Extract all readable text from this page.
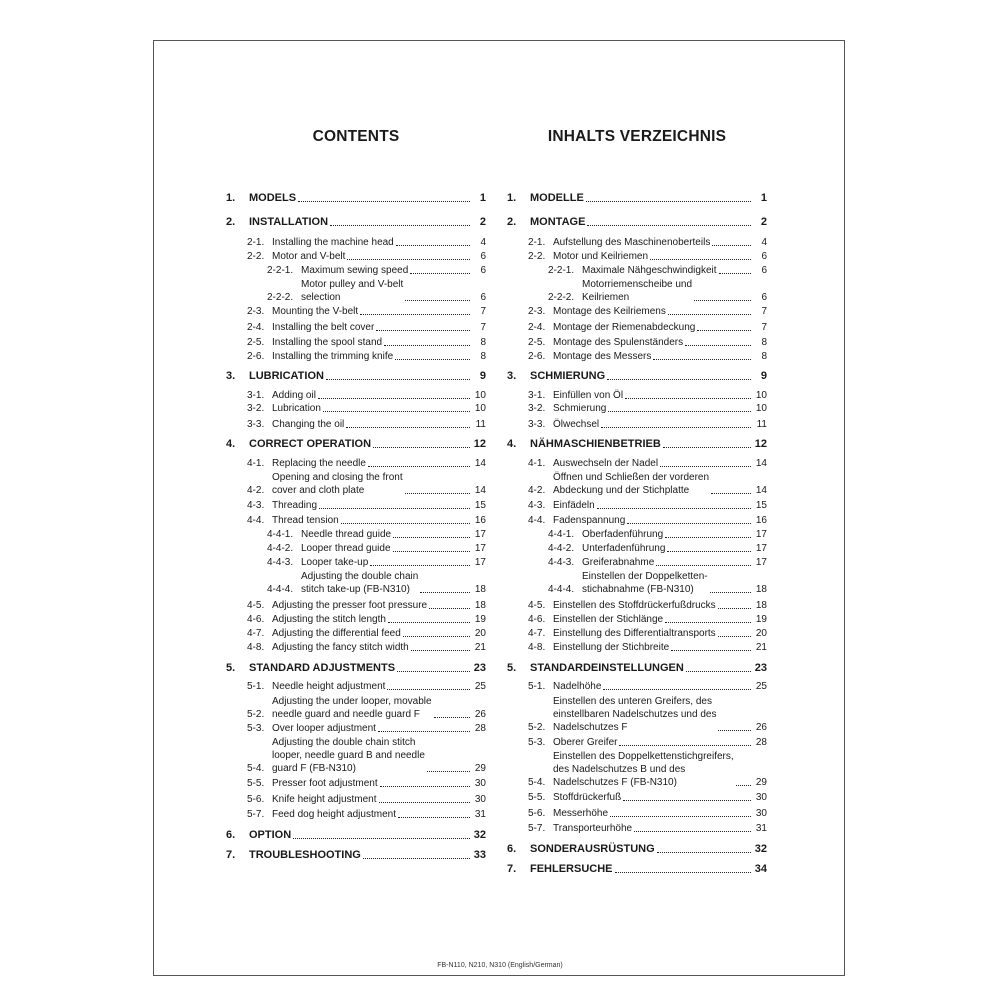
CONTENTS
1.	MODELS	1
2.	INSTALLATION	2
2-1. Installing the machine head	4
2-2. Motor and V-belt	6
2-2-1. Maximum sewing speed	6
2-2-2.
Motor pulley and V-belt
selection	6
2-3. Mounting the V-belt	7
2-4. Installing the belt cover	7
2-5. Installing the spool stand	8
2-6. Installing the trimming knife	8
3.	LUBRICATION	9
3-1. Adding oil	10
3-2. Lubrication	10
3-3. Changing the oil	11
4.	CORRECT OPERATION	12
4-1. Replacing the needle	14
4-2.
Opening and closing the front
cover and cloth plate	14
4-3. Threading	15
4-4. Thread tension	16
4-4-1. Needle thread guide	17
4-4-2. Looper thread guide	17
4-4-3. Looper take-up	17
4-4-4.
Adjusting the double chain
stitch take-up (FB-N310)	18
4-5. Adjusting the presser foot pressure	18
4-6. Adjusting the stitch length	19
4-7. Adjusting the differential feed	20
4-8. Adjusting the fancy stitch width	21
5.	STANDARD ADJUSTMENTS	23
5-1. Needle height adjustment	25
5-2.
Adjusting the under looper, movable
needle guard and needle guard F	26
5-3. Over looper adjustment	28
5-4.
Adjusting the double chain stitch
looper, needle guard B and needle
guard F (FB-N310)	29
5-5. Presser foot adjustment	30
5-6. Knife height adjustment	30
5-7. Feed dog height adjustment	31
6.	OPTION	32
7.	TROUBLESHOOTING	33
INHALTS VERZEICHNIS
1.	MODELLE	1
2.	MONTAGE	2
2-1. Aufstellung des Maschinenoberteils	4
2-2. Motor und Keilriemen	6
2-2-1. Maximale Nähgeschwindigkeit	6
2-2-2.
Motorriemenscheibe und
Keilriemen	6
2-3. Montage des Keilriemens	7
2-4. Montage der Riemenabdeckung	7
2-5. Montage des Spulenständers	8
2-6. Montage des Messers	8
3.	SCHMIERUNG	9
3-1. Einfüllen von Öl	10
3-2. Schmierung	10
3-3. Ölwechsel	11
4.	NÄHMASCHIENBETRIEB	12
4-1. Auswechseln der Nadel	14
4-2.
Öffnen und Schließen der vorderen
Abdeckung und der Stichplatte	14
4-3. Einfädeln	15
4-4. Fadenspannung	16
4-4-1. Oberfadenführung	17
4-4-2. Unterfadenführung	17
4-4-3. Greiferabnahme	17
4-4-4.
Einstellen der Doppelketten-
stichabnahme (FB-N310)	18
4-5. Einstellen des Stoffdrückerfußdrucks	18
4-6. Einstellen der Stichlänge	19
4-7. Einstellung des Differentialtransports	20
4-8. Einstellung der Stichbreite	21
5.	STANDARDEINSTELLUNGEN	23
5-1. Nadelhöhe	25
5-2.
Einstellen des unteren Greifers, des
einstellbaren Nadelschutzes und des
Nadelschutzes F	26
5-3. Oberer Greifer	28
5-4.
Einstellen des Doppelkettenstichgreifers,
des Nadelschutzes B und des
Nadelschutzes F (FB-N310)	29
5-5. Stoffdrückerfuß	30
5-6. Messerhöhe	30
5-7. Transporteurhöhe	31
6.	SONDERAUSRÜSTUNG	32
7.	FEHLERSUCHE	34
FB-N110, N210, N310 (English/German)
